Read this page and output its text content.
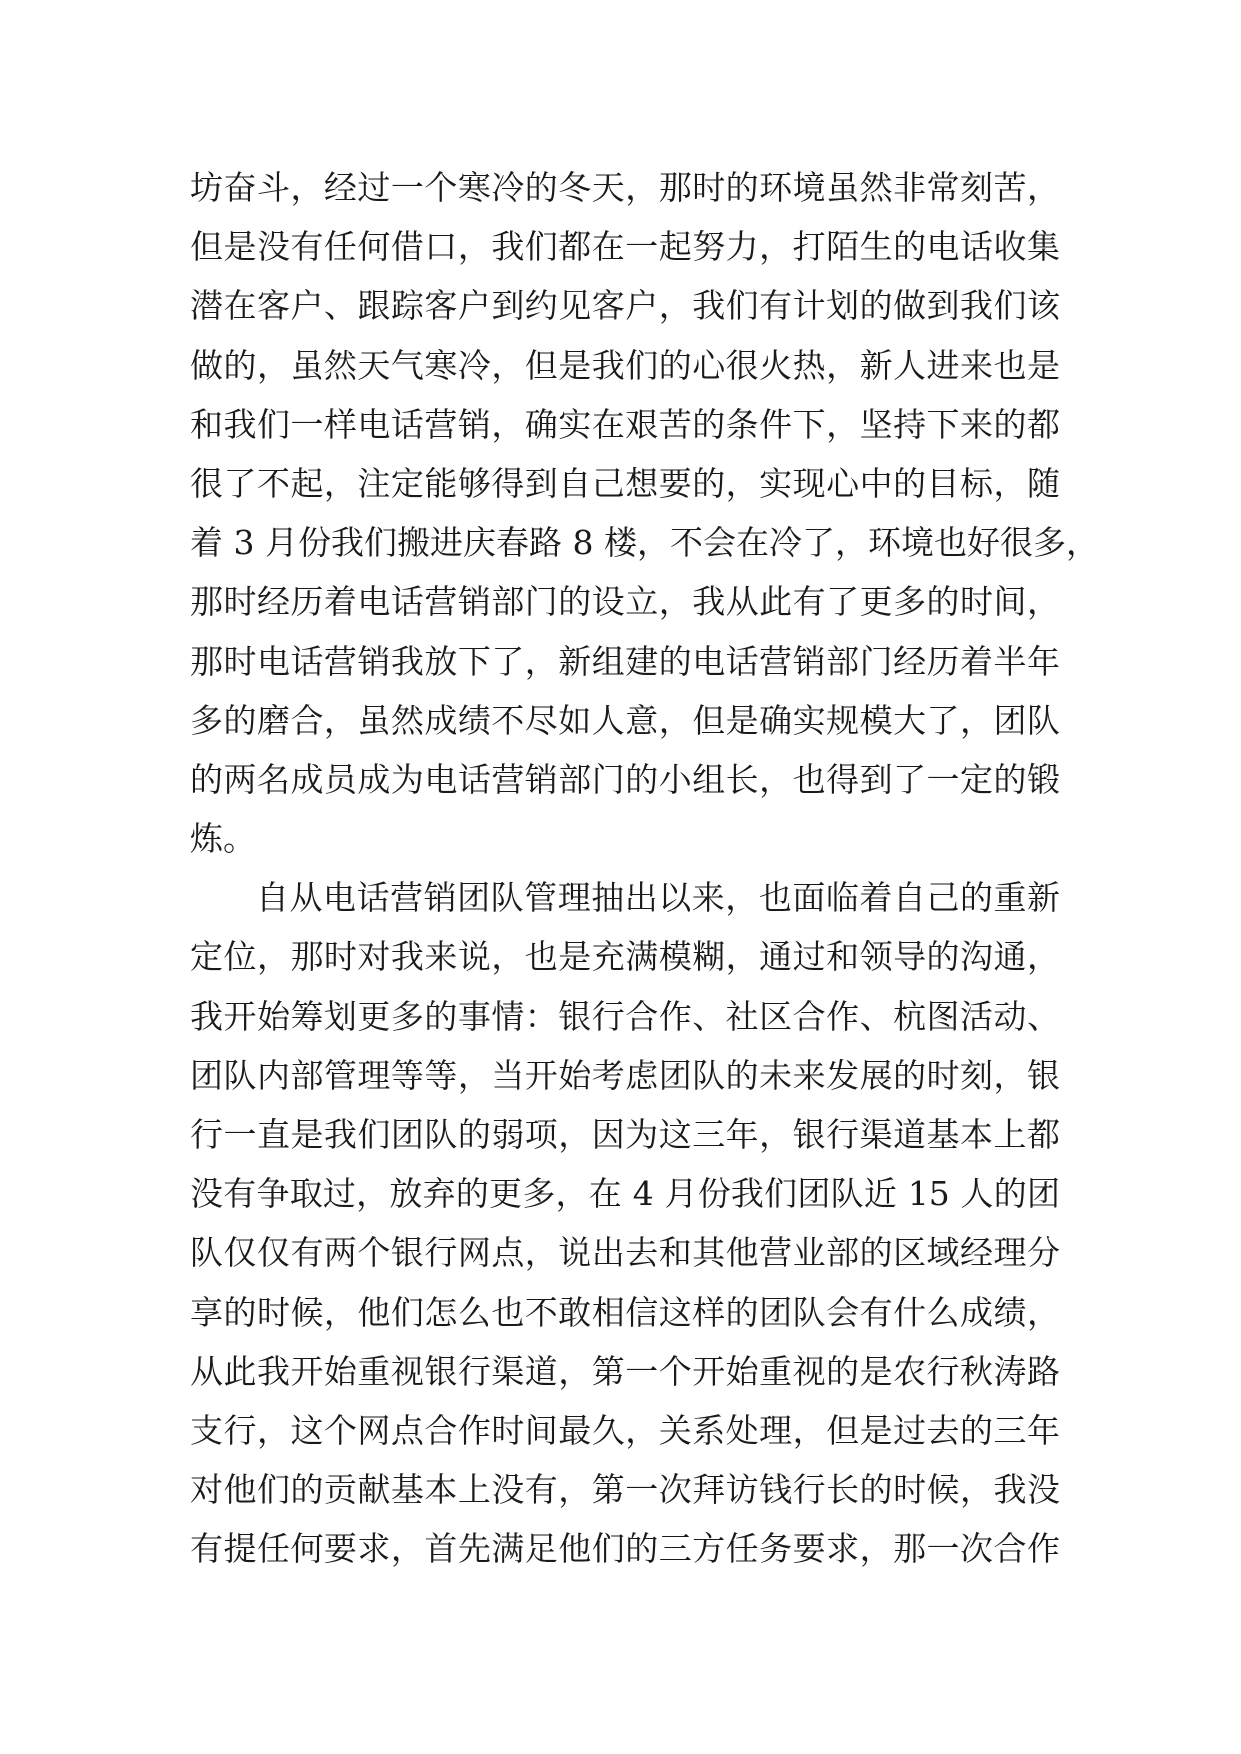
坊奋斗，经过一个寒冷的冬天，那时的环境虽然非常刻苦，
但是没有任何借口，我们都在一起努力，打陌生的电话收集
潜在客户、跟踪客户到约见客户，我们有计划的做到我们该
做的，虽然天气寒冷，但是我们的心很火热，新人进来也是
和我们一样电话营销，确实在艰苦的条件下，坚持下来的都
很了不起，注定能够得到自己想要的，实现心中的目标，随
着 3 月份我们搬进庆春路 8 楼，不会在冷了，环境也好很多，
那时经历着电话营销部门的设立，我从此有了更多的时间，
那时电话营销我放下了，新组建的电话营销部门经历着半年
多的磨合，虽然成绩不尽如人意，但是确实规模大了，团队
的两名成员成为电话营销部门的小组长，也得到了一定的锻
炼。
自从电话营销团队管理抽出以来，也面临着自己的重新
定位，那时对我来说，也是充满模糊，通过和领导的沟通，
我开始筹划更多的事情：银行合作、社区合作、杭图活动、
团队内部管理等等，当开始考虑团队的未来发展的时刻，银
行一直是我们团队的弱项，因为这三年，银行渠道基本上都
没有争取过，放弃的更多，在 4 月份我们团队近 15 人的团
队仅仅有两个银行网点，说出去和其他营业部的区域经理分
享的时候，他们怎么也不敢相信这样的团队会有什么成绩，
从此我开始重视银行渠道，第一个开始重视的是农行秋涛路
支行，这个网点合作时间最久，关系处理，但是过去的三年
对他们的贡献基本上没有，第一次拜访钱行长的时候，我没
有提任何要求，首先满足他们的三方任务要求，那一次合作
